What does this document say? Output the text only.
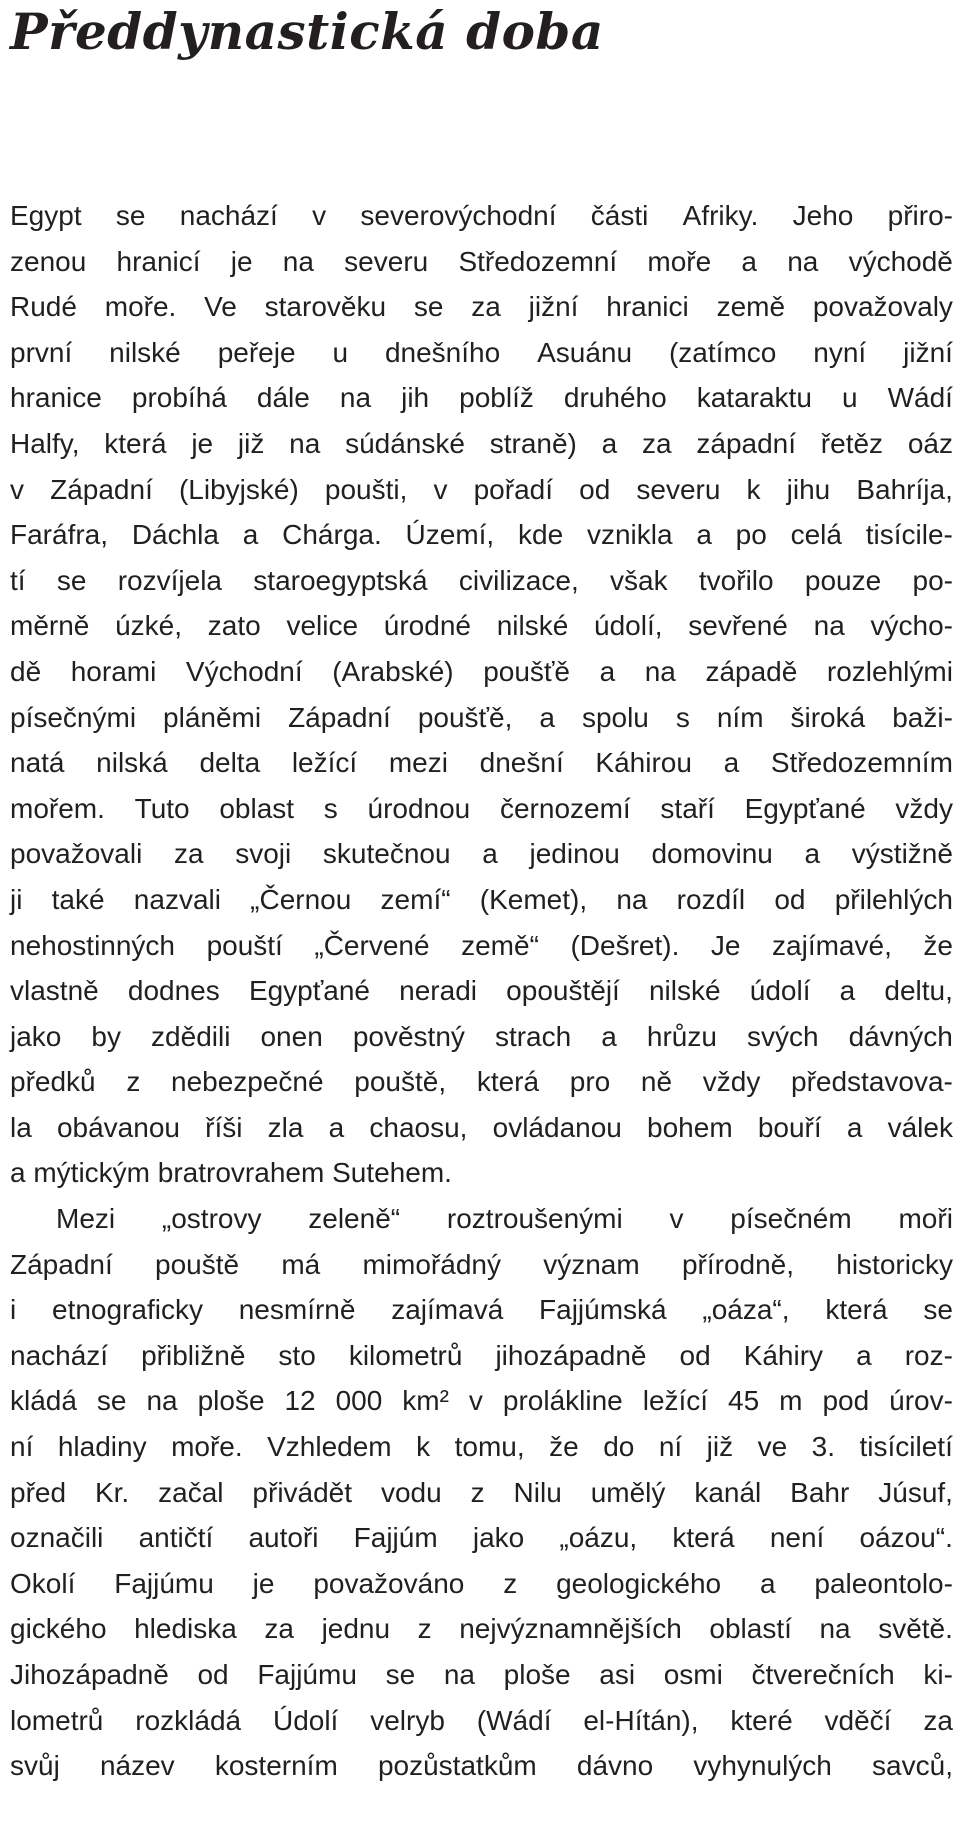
Předdynastická doba
Egypt se nachází v severovýchodní části Afriky. Jeho přiro-
zenou hranicí je na severu Středozemní moře a na východě
Rudé moře. Ve starověku se za jižní hranici země považovaly
první nilské peřeje u dnešního Asuánu (zatímco nyní jižní
hranice probíhá dále na jih poblíž druhého kataraktu u Wádí
Halfy, která je již na súdánské straně) a za západní řetěz oáz
v Západní (Libyjské) poušti, v pořadí od severu k jihu Bahríja,
Faráfra, Dáchla a Chárga. Území, kde vznikla a po celá tisícile-
tí se rozvíjela staroegyptská civilizace, však tvořilo pouze po-
měrně úzké, zato velice úrodné nilské údolí, sevřené na výcho-
dě horami Východní (Arabské) poušťě a na západě rozlehlými
písečnými pláněmi Západní poušťě, a spolu s ním široká baži-
natá nilská delta ležící mezi dnešní Káhirou a Středozemním
mořem. Tuto oblast s úrodnou černozemí staří Egypťané vždy
považovali za svoji skutečnou a jedinou domovinu a výstižně
ji také nazvali „Černou zemí“ (Kemet), na rozdíl od přilehlých
nehostinných pouští „Červené země“ (Dešret). Je zajímavé, že
vlastně dodnes Egypťané neradi opouštějí nilské údolí a deltu,
jako by zdědili onen pověstný strach a hrůzu svých dávných
předků z nebezpečné pouště, která pro ně vždy představova-
la obávanou říši zla a chaosu, ovládanou bohem bouří a válek
a mýtickým bratrovrahem Sutehem.
Mezi „ostrovy zeleně“ roztroušenými v písečném moři
Západní pouště má mimořádný význam přírodně, historicky
i etnograficky nesmírně zajímavá Fajjúmská „oáza“, která se
nachází přibližně sto kilometrů jihozápadně od Káhiry a roz-
kládá se na ploše 12 000 km² v prolákline ležící 45 m pod úrov-
ní hladiny moře. Vzhledem k tomu, že do ní již ve 3. tisíciletí
před Kr. začal přivádět vodu z Nilu umělý kanál Bahr Júsuf,
označili antičtí autoři Fajjúm jako „oázu, která není oázou“.
Okolí Fajjúmu je považováno z geologického a paleontolo-
gického hlediska za jednu z nejvýznamnějších oblastí na světě.
Jihozápadně od Fajjúmu se na ploše asi osmi čtverečních ki-
lometrů rozkládá Údolí velryb (Wádí el-Hítán), které vděčí za
svůj název kosterním pozůstatkům dávno vyhynulých savců,
